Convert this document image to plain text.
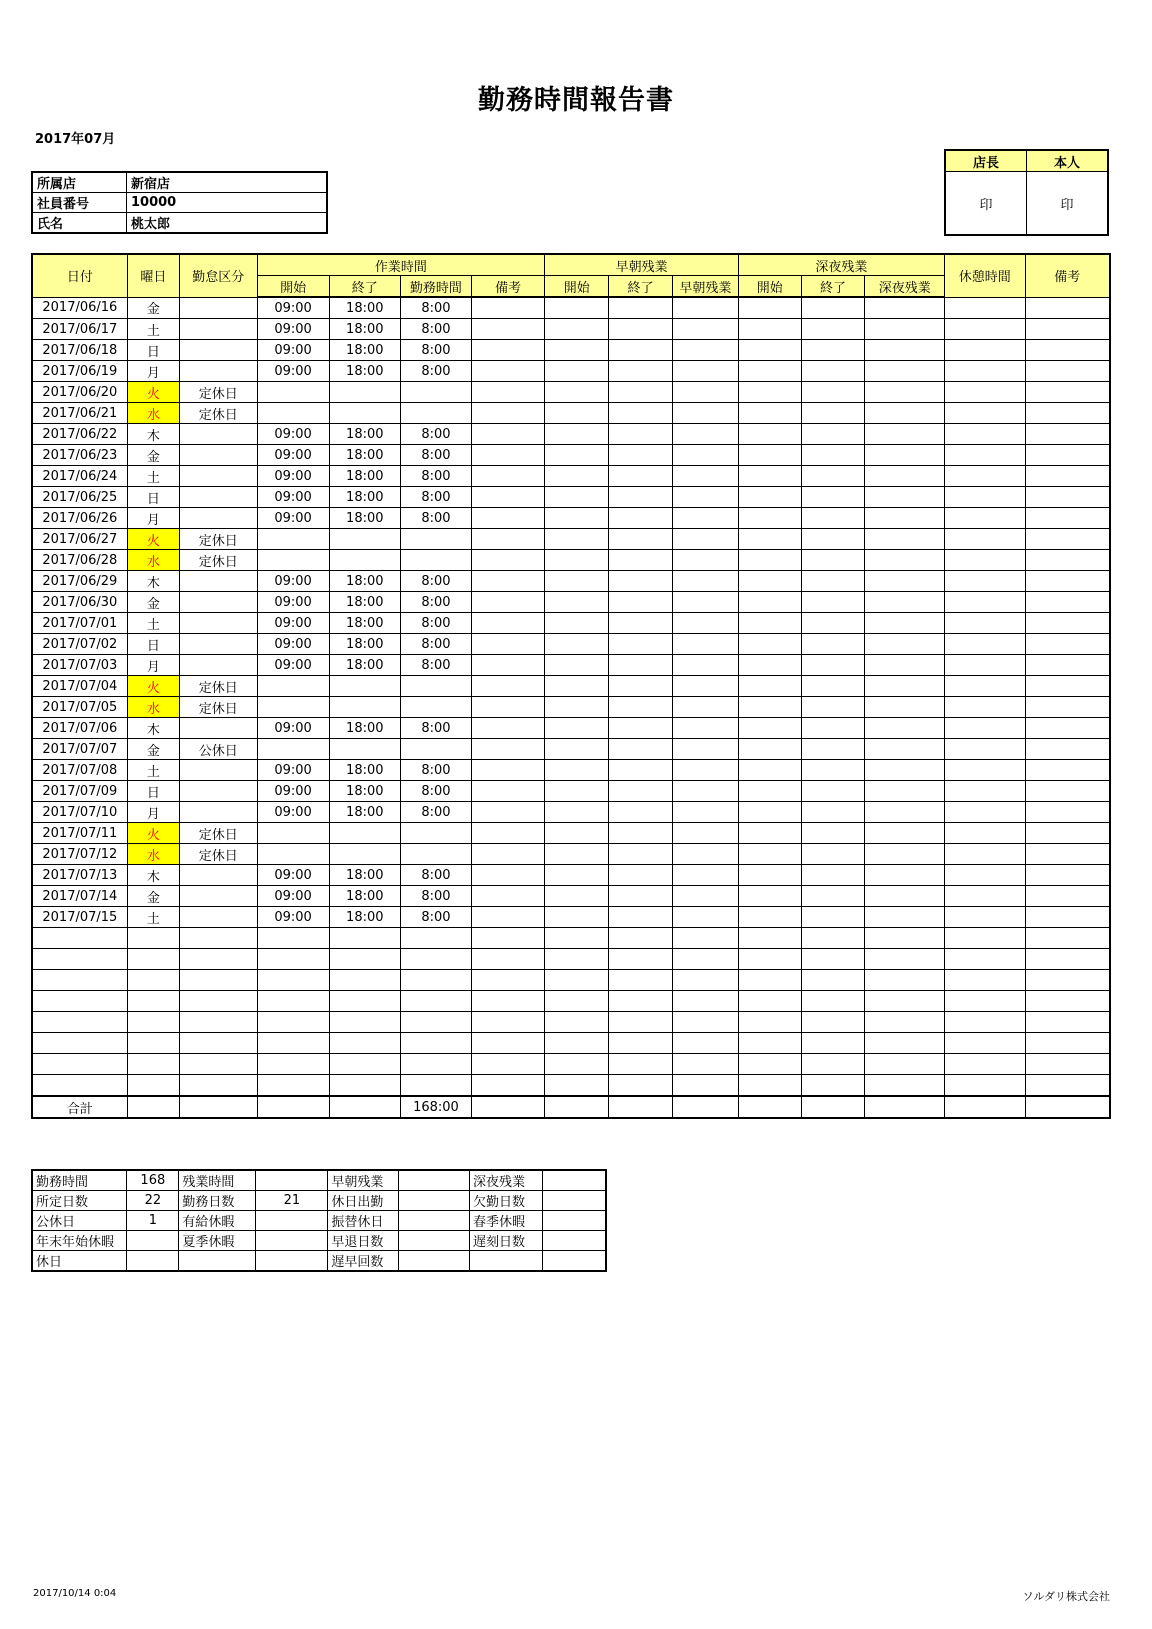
勤務時間報告書
2017年07月
所属店	新宿店
社員番号	10000
氏名	桃太郎
店長	本人
印	印
日付	曜日	勤怠区分	作業時間				早朝残業			深夜残業			休憩時間	備考
			開始	終了	勤務時間	備考	開始	終了	早朝残業	開始	終了	深夜残業		
2017/06/16	金		09:00	18:00	8:00									
2017/06/17	土		09:00	18:00	8:00									
2017/06/18	日		09:00	18:00	8:00									
2017/06/19	月		09:00	18:00	8:00									
2017/06/20	火	定休日												
2017/06/21	水	定休日												
2017/06/22	木		09:00	18:00	8:00									
2017/06/23	金		09:00	18:00	8:00									
2017/06/24	土		09:00	18:00	8:00									
2017/06/25	日		09:00	18:00	8:00									
2017/06/26	月		09:00	18:00	8:00									
2017/06/27	火	定休日												
2017/06/28	水	定休日												
2017/06/29	木		09:00	18:00	8:00									
2017/06/30	金		09:00	18:00	8:00									
2017/07/01	土		09:00	18:00	8:00									
2017/07/02	日		09:00	18:00	8:00									
2017/07/03	月		09:00	18:00	8:00									
2017/07/04	火	定休日												
2017/07/05	水	定休日												
2017/07/06	木		09:00	18:00	8:00									
2017/07/07	金	公休日												
2017/07/08	土		09:00	18:00	8:00									
2017/07/09	日		09:00	18:00	8:00									
2017/07/10	月		09:00	18:00	8:00									
2017/07/11	火	定休日												
2017/07/12	水	定休日												
2017/07/13	木		09:00	18:00	8:00									
2017/07/14	金		09:00	18:00	8:00									
2017/07/15	土		09:00	18:00	8:00									

合計					168:00									
勤務時間	168	残業時間		早朝残業		深夜残業	
所定日数	22	勤務日数	21	休日出勤		欠勤日数	
公休日	1	有給休暇		振替休日		春季休暇	
年末年始休暇		夏季休暇		早退日数		遅刻日数	
休日				遅早回数			
2017/10/14 0:04	ソルダリ株式会社
